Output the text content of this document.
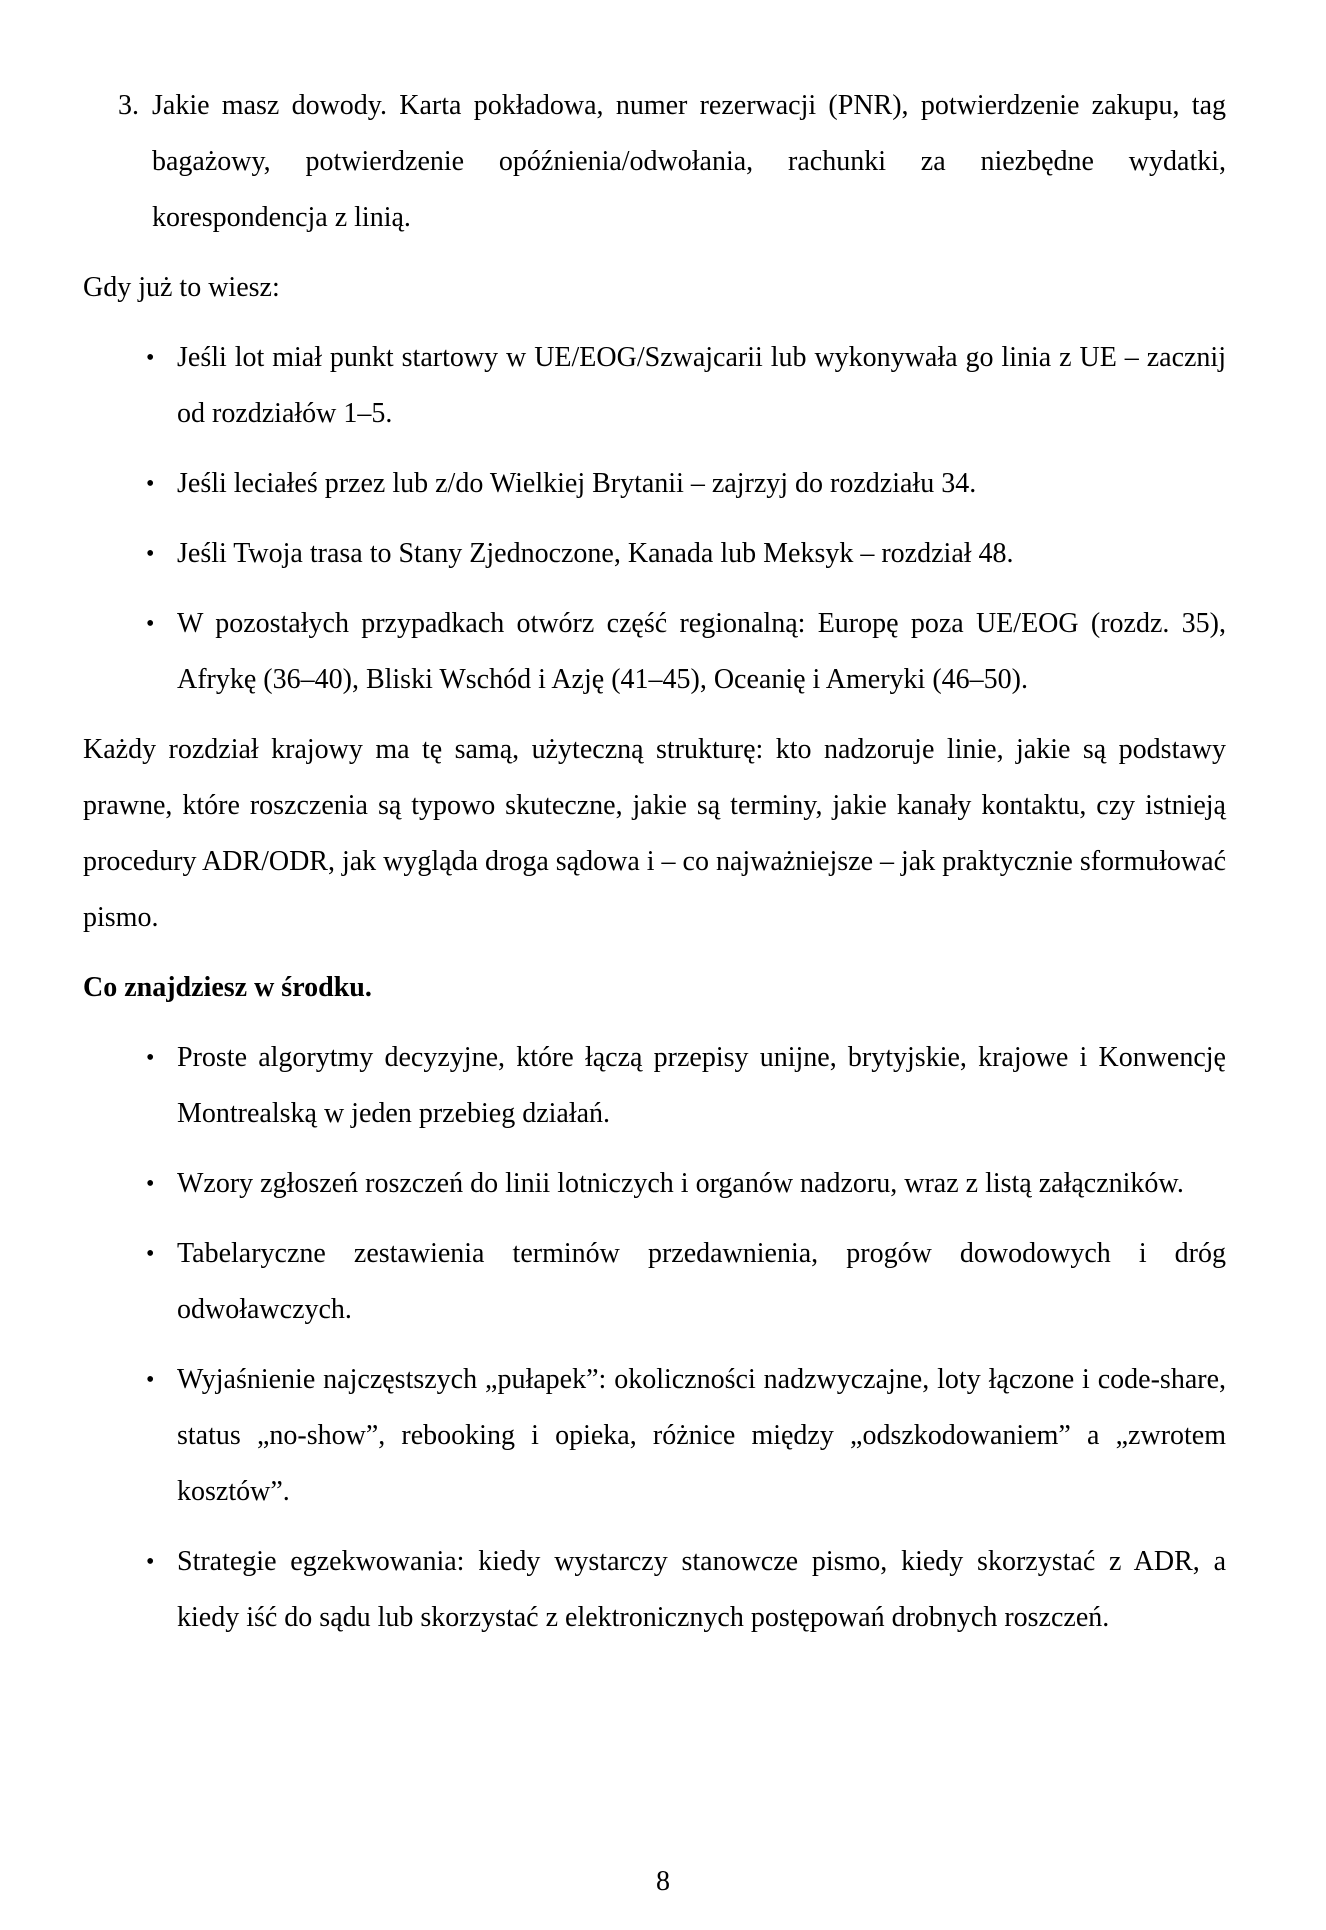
3. Jakie masz dowody. Karta pokładowa, numer rezerwacji (PNR), potwierdzenie zakupu, tag bagażowy, potwierdzenie opóźnienia/odwołania, rachunki za niezbędne wydatki, korespondencja z linią.

Gdy już to wiesz:

• Jeśli lot miał punkt startowy w UE/EOG/Szwajcarii lub wykonywała go linia z UE – zacznij od rozdziałów 1–5.
• Jeśli leciałeś przez lub z/do Wielkiej Brytanii – zajrzyj do rozdziału 34.
• Jeśli Twoja trasa to Stany Zjednoczone, Kanada lub Meksyk – rozdział 48.
• W pozostałych przypadkach otwórz część regionalną: Europę poza UE/EOG (rozdz. 35), Afrykę (36–40), Bliski Wschód i Azję (41–45), Oceanię i Ameryki (46–50).

Każdy rozdział krajowy ma tę samą, użyteczną strukturę: kto nadzoruje linie, jakie są podstawy prawne, które roszczenia są typowo skuteczne, jakie są terminy, jakie kanały kontaktu, czy istnieją procedury ADR/ODR, jak wygląda droga sądowa i – co najważniejsze – jak praktycznie sformułować pismo.

Co znajdziesz w środku.

• Proste algorytmy decyzyjne, które łączą przepisy unijne, brytyjskie, krajowe i Konwencję Montrealską w jeden przebieg działań.
• Wzory zgłoszeń roszczeń do linii lotniczych i organów nadzoru, wraz z listą załączników.
• Tabelaryczne zestawienia terminów przedawnienia, progów dowodowych i dróg odwoławczych.
• Wyjaśnienie najczęstszych „pułapek”: okoliczności nadzwyczajne, loty łączone i code-share, status „no-show”, rebooking i opieka, różnice między „odszkodowaniem” a „zwrotem kosztów”.
• Strategie egzekwowania: kiedy wystarczy stanowcze pismo, kiedy skorzystać z ADR, a kiedy iść do sądu lub skorzystać z elektronicznych postępowań drobnych roszczeń.
8
